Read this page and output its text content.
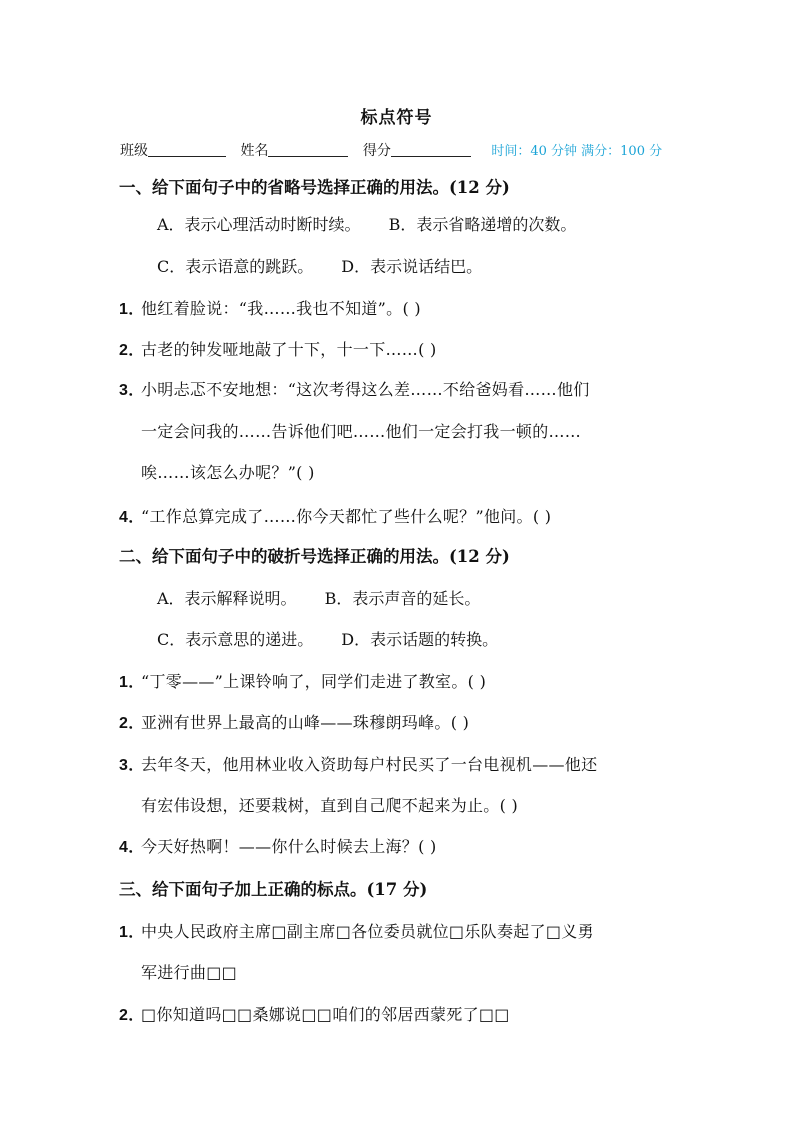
标点符号
班级	姓名	得分	时间：40 分钟 满分：100 分
一、给下面句子中的省略号选择正确的用法。(12 分)
A．表示心理活动时断时续。 B．表示省略递增的次数。
C．表示语意的跳跃。 D．表示说话结巴。
1．他红着脸说：“我……我也不知道”。( )
2．古老的钟发哑地敲了十下，十一下……( )
3．小明忐忑不安地想：“这次考得这么差……不给爸妈看……他们
一定会问我的……告诉他们吧……他们一定会打我一顿的……
唉……该怎么办呢？”( )
4．“工作总算完成了……你今天都忙了些什么呢？”他问。( )
二、给下面句子中的破折号选择正确的用法。(12 分)
A．表示解释说明。 B．表示声音的延长。
C．表示意思的递进。 D．表示话题的转换。
1．“丁零——”上课铃响了，同学们走进了教室。( )
2．亚洲有世界上最高的山峰——珠穆朗玛峰。( )
3．去年冬天，他用林业收入资助每户村民买了一台电视机——他还
有宏伟设想，还要栽树，直到自己爬不起来为止。( )
4．今天好热啊！——你什么时候去上海？( )
三、给下面句子加上正确的标点。(17 分)
1．中央人民政府主席□副主席□各位委员就位□乐队奏起了□义勇
军进行曲□□
2．□你知道吗□□桑娜说□□咱们的邻居西蒙死了□□
